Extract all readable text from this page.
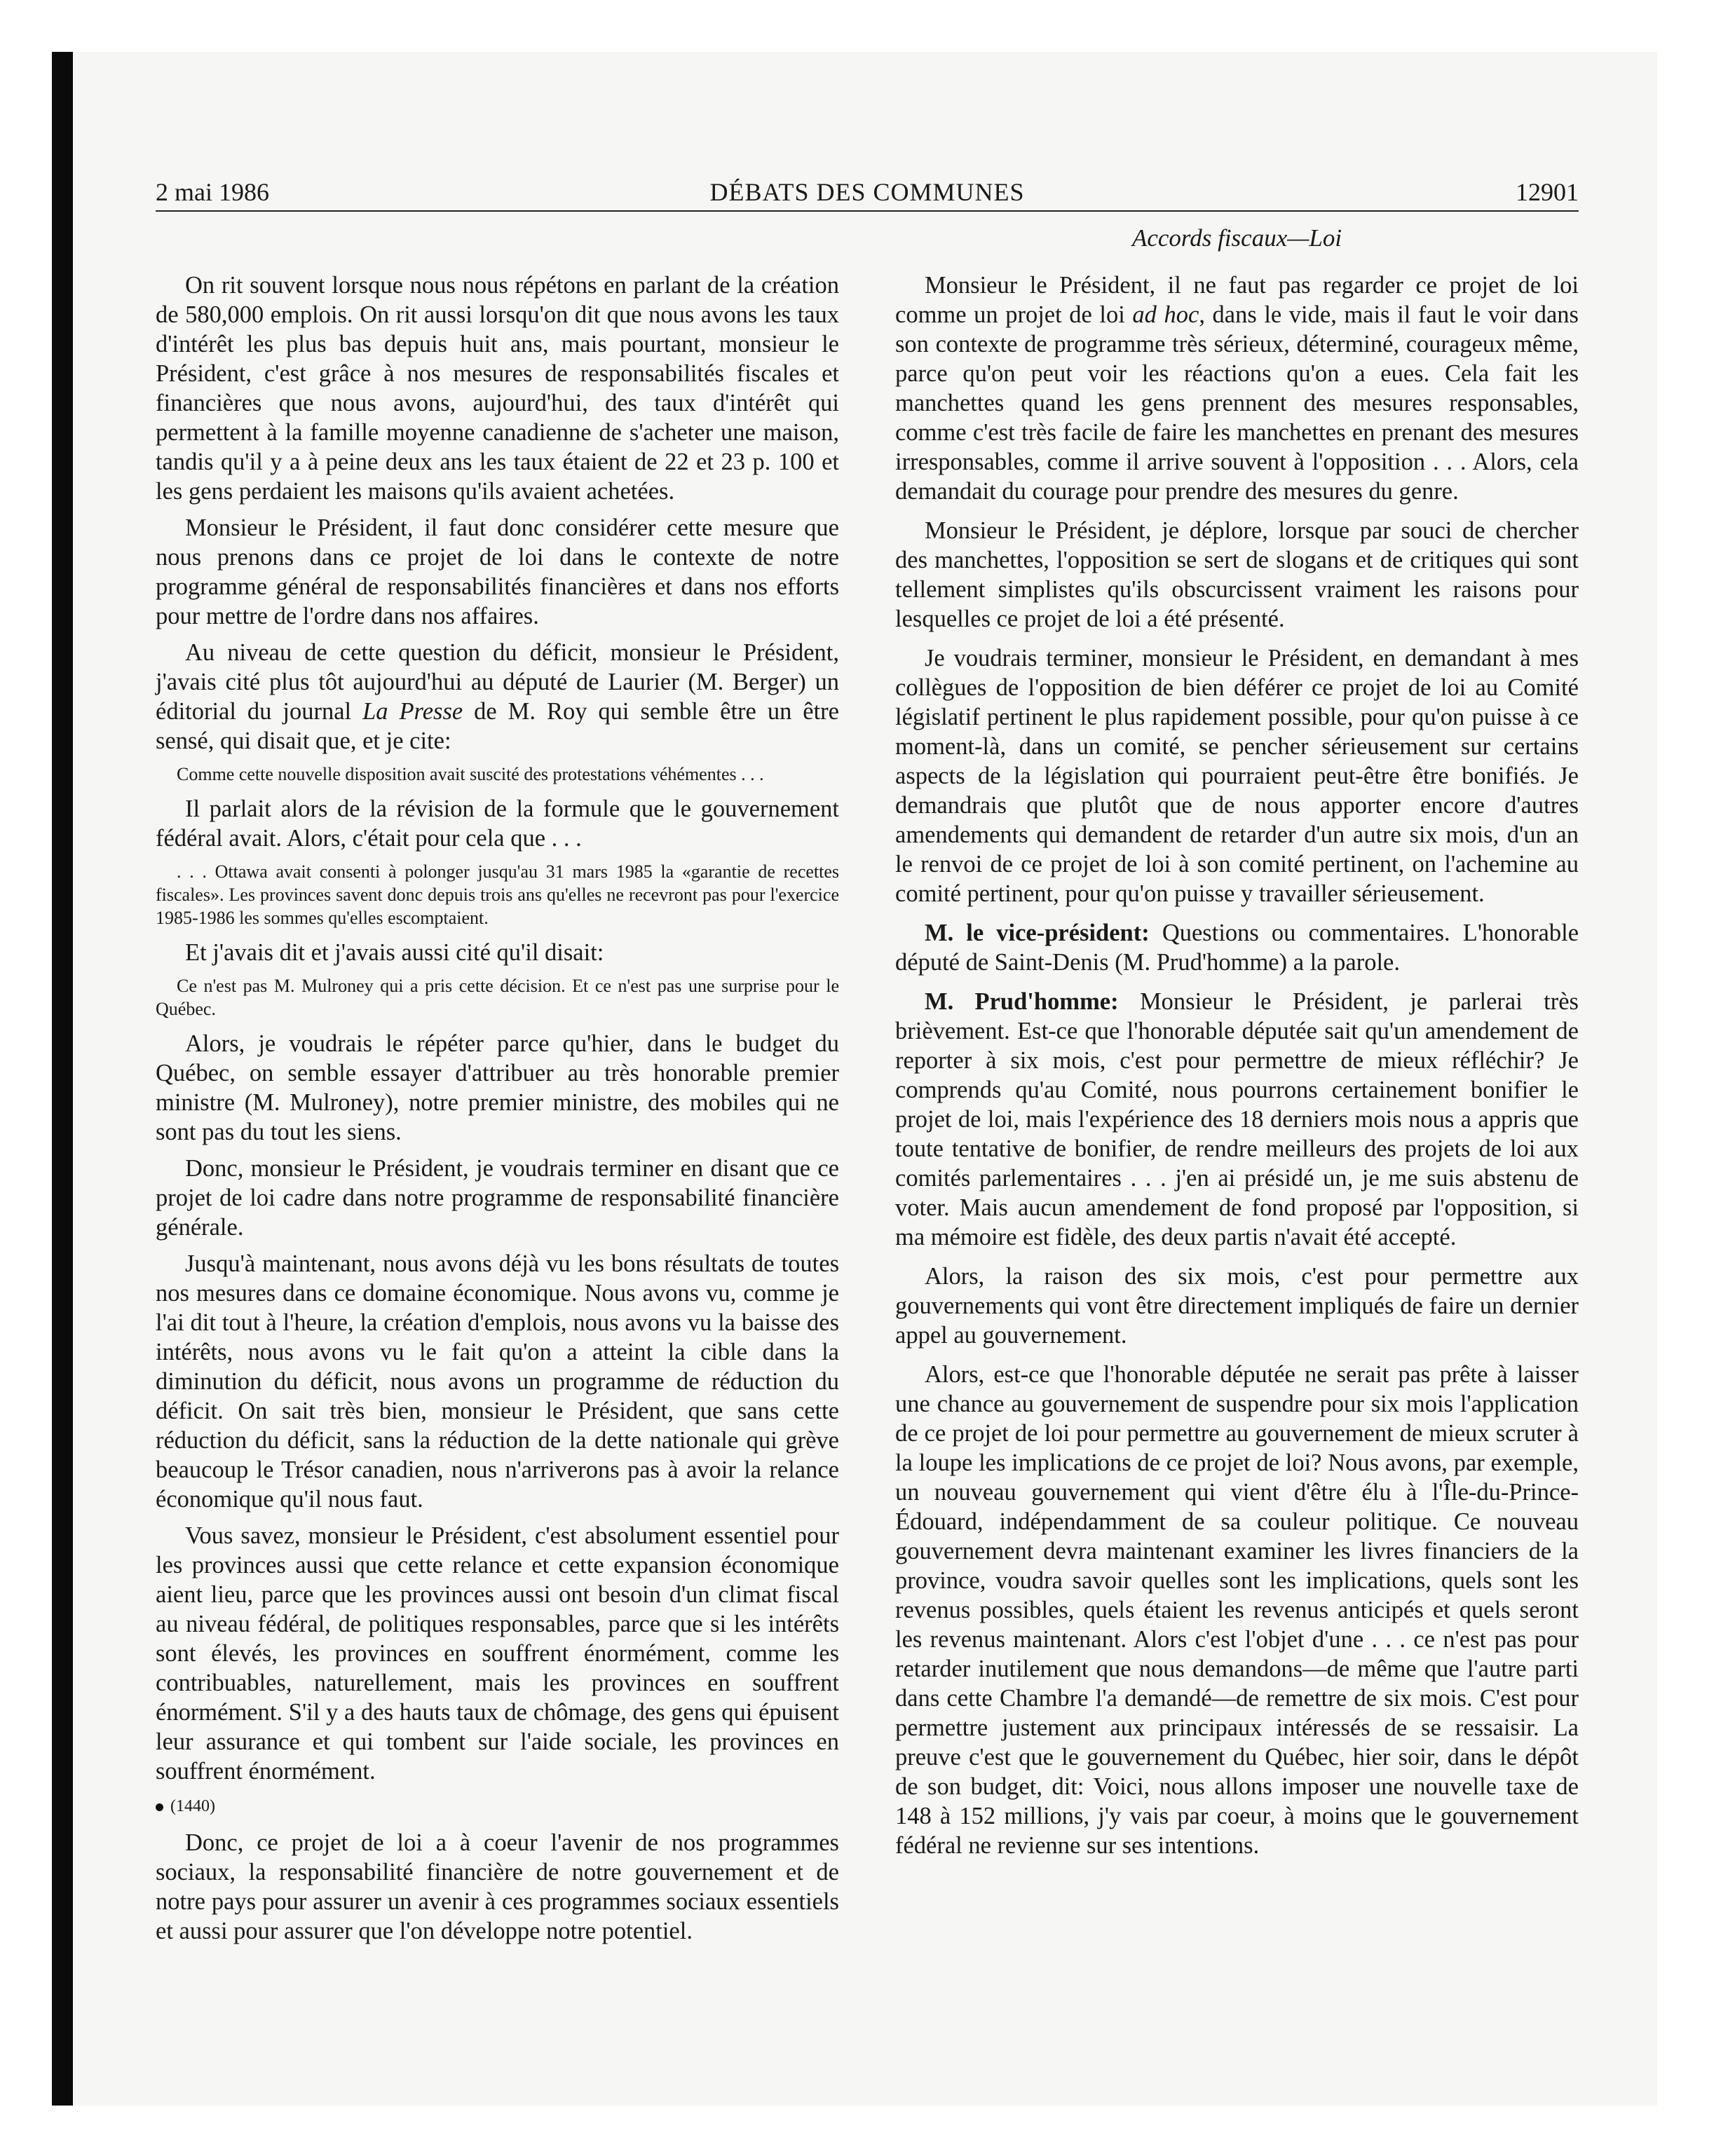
2 mai 1986	DÉBATS DES COMMUNES	12901
Accords fiscaux—Loi

On rit souvent lorsque nous nous répétons en parlant de la création de 580,000 emplois. On rit aussi lorsqu'on dit que nous avons les taux d'intérêt les plus bas depuis huit ans, mais pourtant, monsieur le Président, c'est grâce à nos mesures de responsabilités fiscales et financières que nous avons, aujourd'hui, des taux d'intérêt qui permettent à la famille moyenne canadienne de s'acheter une maison, tandis qu'il y a à peine deux ans les taux étaient de 22 et 23 p. 100 et les gens perdaient les maisons qu'ils avaient achetées.

Monsieur le Président, il faut donc considérer cette mesure que nous prenons dans ce projet de loi dans le contexte de notre programme général de responsabilités financières et dans nos efforts pour mettre de l'ordre dans nos affaires.

Au niveau de cette question du déficit, monsieur le Président, j'avais cité plus tôt aujourd'hui au député de Laurier (M. Berger) un éditorial du journal La Presse de M. Roy qui semble être un être sensé, qui disait que, et je cite:

Comme cette nouvelle disposition avait suscité des protestations véhémentes . . .

Il parlait alors de la révision de la formule que le gouvernement fédéral avait. Alors, c'était pour cela que . . .

. . . Ottawa avait consenti à polonger jusqu'au 31 mars 1985 la «garantie de recettes fiscales». Les provinces savent donc depuis trois ans qu'elles ne recevront pas pour l'exercice 1985-1986 les sommes qu'elles escomptaient.

Et j'avais dit et j'avais aussi cité qu'il disait:

Ce n'est pas M. Mulroney qui a pris cette décision. Et ce n'est pas une surprise pour le Québec.

Alors, je voudrais le répéter parce qu'hier, dans le budget du Québec, on semble essayer d'attribuer au très honorable premier ministre (M. Mulroney), notre premier ministre, des mobiles qui ne sont pas du tout les siens.

Donc, monsieur le Président, je voudrais terminer en disant que ce projet de loi cadre dans notre programme de responsabilité financière générale.

Jusqu'à maintenant, nous avons déjà vu les bons résultats de toutes nos mesures dans ce domaine économique. Nous avons vu, comme je l'ai dit tout à l'heure, la création d'emplois, nous avons vu la baisse des intérêts, nous avons vu le fait qu'on a atteint la cible dans la diminution du déficit, nous avons un programme de réduction du déficit. On sait très bien, monsieur le Président, que sans cette réduction du déficit, sans la réduction de la dette nationale qui grève beaucoup le Trésor canadien, nous n'arriverons pas à avoir la relance économique qu'il nous faut.

Vous savez, monsieur le Président, c'est absolument essentiel pour les provinces aussi que cette relance et cette expansion économique aient lieu, parce que les provinces aussi ont besoin d'un climat fiscal au niveau fédéral, de politiques responsables, parce que si les intérêts sont élevés, les provinces en souffrent énormément, comme les contribuables, naturellement, mais les provinces en souffrent énormément. S'il y a des hauts taux de chômage, des gens qui épuisent leur assurance et qui tombent sur l'aide sociale, les provinces en souffrent énormément.

(1440)

Donc, ce projet de loi a à coeur l'avenir de nos programmes sociaux, la responsabilité financière de notre gouvernement et de notre pays pour assurer un avenir à ces programmes sociaux essentiels et aussi pour assurer que l'on développe notre potentiel.

Monsieur le Président, il ne faut pas regarder ce projet de loi comme un projet de loi ad hoc, dans le vide, mais il faut le voir dans son contexte de programme très sérieux, déterminé, courageux même, parce qu'on peut voir les réactions qu'on a eues. Cela fait les manchettes quand les gens prennent des mesures responsables, comme c'est très facile de faire les manchettes en prenant des mesures irresponsables, comme il arrive souvent à l'opposition . . . Alors, cela demandait du courage pour prendre des mesures du genre.

Monsieur le Président, je déplore, lorsque par souci de chercher des manchettes, l'opposition se sert de slogans et de critiques qui sont tellement simplistes qu'ils obscurcissent vraiment les raisons pour lesquelles ce projet de loi a été présenté.

Je voudrais terminer, monsieur le Président, en demandant à mes collègues de l'opposition de bien déférer ce projet de loi au Comité législatif pertinent le plus rapidement possible, pour qu'on puisse à ce moment-là, dans un comité, se pencher sérieusement sur certains aspects de la législation qui pourraient peut-être être bonifiés. Je demandrais que plutôt que de nous apporter encore d'autres amendements qui demandent de retarder d'un autre six mois, d'un an le renvoi de ce projet de loi à son comité pertinent, on l'achemine au comité pertinent, pour qu'on puisse y travailler sérieusement.

M. le vice-président: Questions ou commentaires. L'honorable député de Saint-Denis (M. Prud'homme) a la parole.

M. Prud'homme: Monsieur le Président, je parlerai très brièvement. Est-ce que l'honorable députée sait qu'un amendement de reporter à six mois, c'est pour permettre de mieux réfléchir? Je comprends qu'au Comité, nous pourrons certainement bonifier le projet de loi, mais l'expérience des 18 derniers mois nous a appris que toute tentative de bonifier, de rendre meilleurs des projets de loi aux comités parlementaires . . . j'en ai présidé un, je me suis abstenu de voter. Mais aucun amendement de fond proposé par l'opposition, si ma mémoire est fidèle, des deux partis n'avait été accepté.

Alors, la raison des six mois, c'est pour permettre aux gouvernements qui vont être directement impliqués de faire un dernier appel au gouvernement.

Alors, est-ce que l'honorable députée ne serait pas prête à laisser une chance au gouvernement de suspendre pour six mois l'application de ce projet de loi pour permettre au gouvernement de mieux scruter à la loupe les implications de ce projet de loi? Nous avons, par exemple, un nouveau gouvernement qui vient d'être élu à l'Île-du-Prince-Édouard, indépendamment de sa couleur politique. Ce nouveau gouvernement devra maintenant examiner les livres financiers de la province, voudra savoir quelles sont les implications, quels sont les revenus possibles, quels étaient les revenus anticipés et quels seront les revenus maintenant. Alors c'est l'objet d'une . . . ce n'est pas pour retarder inutilement que nous demandons—de même que l'autre parti dans cette Chambre l'a demandé—de remettre de six mois. C'est pour permettre justement aux principaux intéressés de se ressaisir. La preuve c'est que le gouvernement du Québec, hier soir, dans le dépôt de son budget, dit: Voici, nous allons imposer une nouvelle taxe de 148 à 152 millions, j'y vais par coeur, à moins que le gouvernement fédéral ne revienne sur ses intentions.
